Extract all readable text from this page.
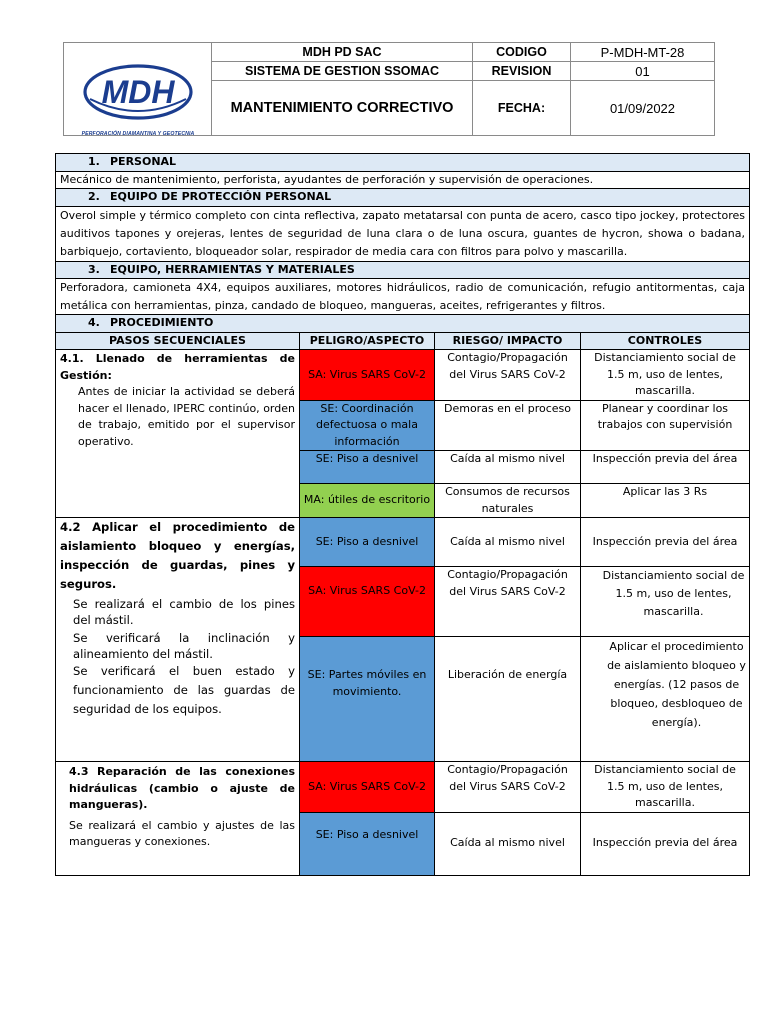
MDH
PERFORACIÓN DIAMANTINA Y GEOTECNIA	MDH PD SAC	CODIGO	P-MDH-MT-28
	SISTEMA DE GESTION SSOMAC	REVISION	01
	MANTENIMIENTO CORRECTIVO	FECHA:	01/09/2022
1. PERSONAL			
Mecánico de mantenimiento, perforista, ayudantes de perforación y supervisión de operaciones.			
2. EQUIPO DE PROTECCIÓN PERSONAL			
Overol simple y térmico completo con cinta reflectiva, zapato metatarsal con punta de acero, casco tipo jockey, protectores auditivos tapones y orejeras, lentes de seguridad de luna clara o de luna oscura, guantes de hycron, showa o badana, barbiquejo, cortaviento, bloqueador solar, respirador de media cara con filtros para polvo y mascarilla.			
3. EQUIPO, HERRAMIENTAS Y MATERIALES			
Perforadora, camioneta 4X4, equipos auxiliares, motores hidráulicos, radio de comunicación, refugio antitormentas, caja metálica con herramientas, pinza, candado de bloqueo, mangueras, aceites, refrigerantes y filtros.			
4. PROCEDIMIENTO			
PASOS SECUENCIALES	PELIGRO/ASPECTO	RIESGO/ IMPACTO	CONTROLES

4.1. Llenado de herramientas de Gestión:
Antes de iniciar la actividad se deberá hacer el llenado, IPERC continúo, orden de trabajo, emitido por el supervisor operativo.	SA: Virus SARS CoV-2	Contagio/Propagación del Virus SARS CoV-2	Distanciamiento social de 1.5 m, uso de lentes, mascarilla.
	SE: Coordinación defectuosa o mala información	Demoras en el proceso	Planear y coordinar los trabajos con supervisión
	SE: Piso a desnivel	Caída al mismo nivel	Inspección previa del área
	MA: útiles de escritorio	Consumos de recursos naturales	Aplicar las 3 Rs

4.2 Aplicar el procedimiento de aislamiento bloqueo y energías, inspección de guardas, pines y seguros.
Se realizará el cambio de los pines del mástil.
Se verificará la inclinación y alineamiento del mástil.
Se verificará el buen estado y funcionamiento de las guardas de seguridad de los equipos.	SE: Piso a desnivel	Caída al mismo nivel	Inspección previa del área
	SA: Virus SARS CoV-2	Contagio/Propagación del Virus SARS CoV-2	Distanciamiento social de 1.5 m, uso de lentes, mascarilla.
	SE: Partes móviles en movimiento.	Liberación de energía	Aplicar el procedimiento de aislamiento bloqueo y energías. (12 pasos de bloqueo, desbloqueo de energía).

4.3 Reparación de las conexiones hidráulicas (cambio o ajuste de mangueras).
Se realizará el cambio y ajustes de las mangueras y conexiones.	SA: Virus SARS CoV-2	Contagio/Propagación del Virus SARS CoV-2	Distanciamiento social de 1.5 m, uso de lentes, mascarilla.
	SE: Piso a desnivel	Caída al mismo nivel	Inspección previa del área
